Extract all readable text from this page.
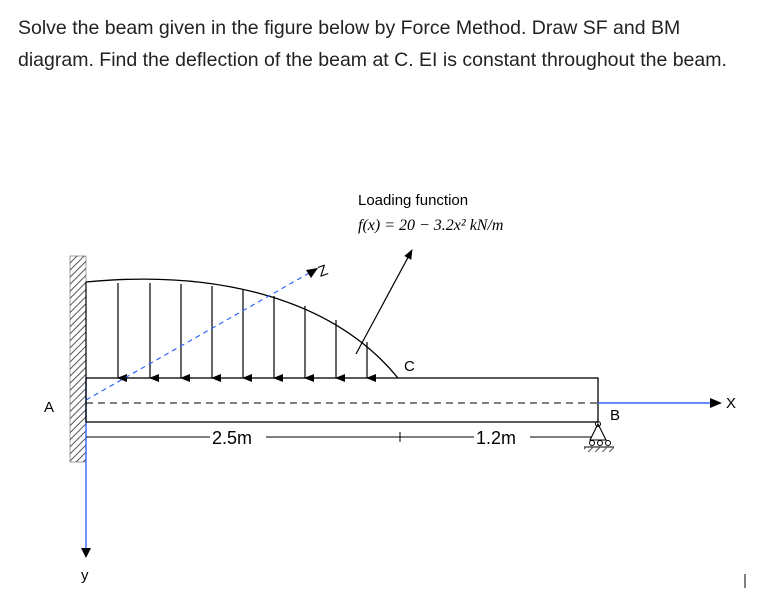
Solve the beam given in the figure below by Force Method. Draw SF and BM diagram. Find the deflection of the beam at C. EI is constant throughout the beam.

y
Z
X
A
C
B
2.5m	1.2m
Loading function
f(x) = 20 − 3.2x² kN/m
